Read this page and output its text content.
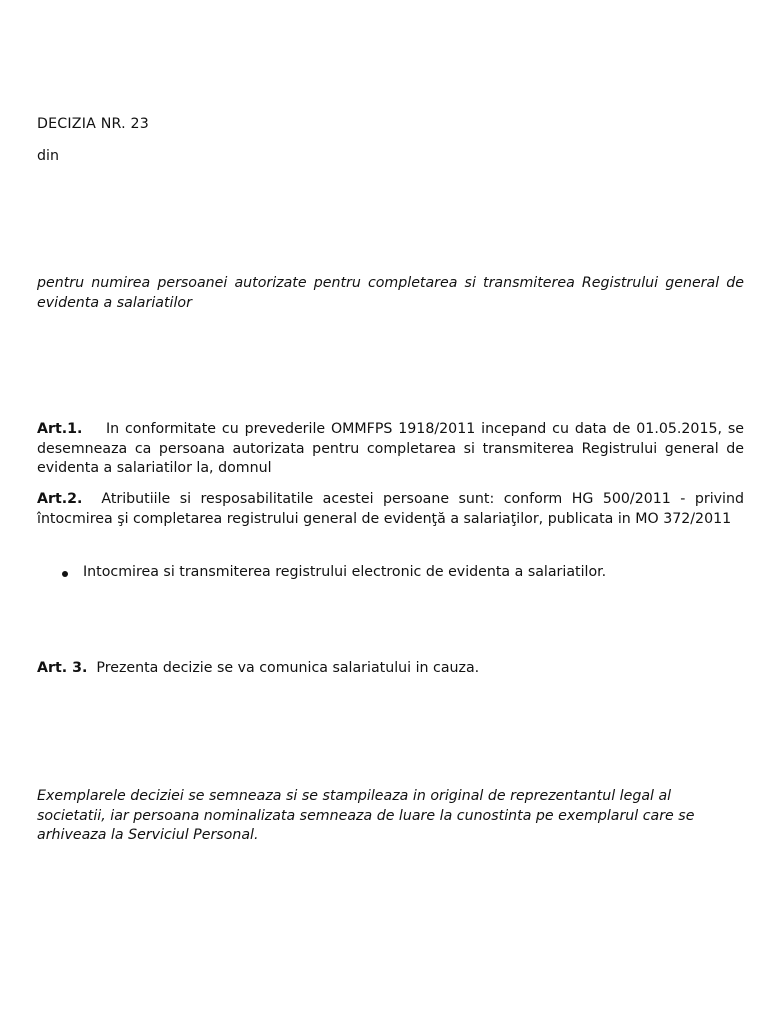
DECIZIA NR. 23
din
pentru numirea persoanei autorizate pentru completarea si transmiterea Registrului general de evidenta a salariatilor
Art.1. In conformitate cu prevederile OMMFPS 1918/2011 incepand cu data de 01.05.2015, se desemneaza ca persoana autorizata pentru completarea si transmiterea Registrului general de evidenta a salariatilor la, domnul
Art.2. Atributiile si resposabilitatile acestei persoane sunt: conform HG 500/2011 - privind întocmirea şi completarea registrului general de evidenţă a salariaţilor, publicata in MO 372/2011
Intocmirea si transmiterea registrului electronic de evidenta a salariatilor.
Art. 3. Prezenta decizie se va comunica salariatului in cauza.
Exemplarele deciziei se semneaza si se stampileaza in original de reprezentantul legal al societatii, iar persoana nominalizata semneaza de luare la cunostinta pe exemplarul care se arhiveaza la Serviciul Personal.
